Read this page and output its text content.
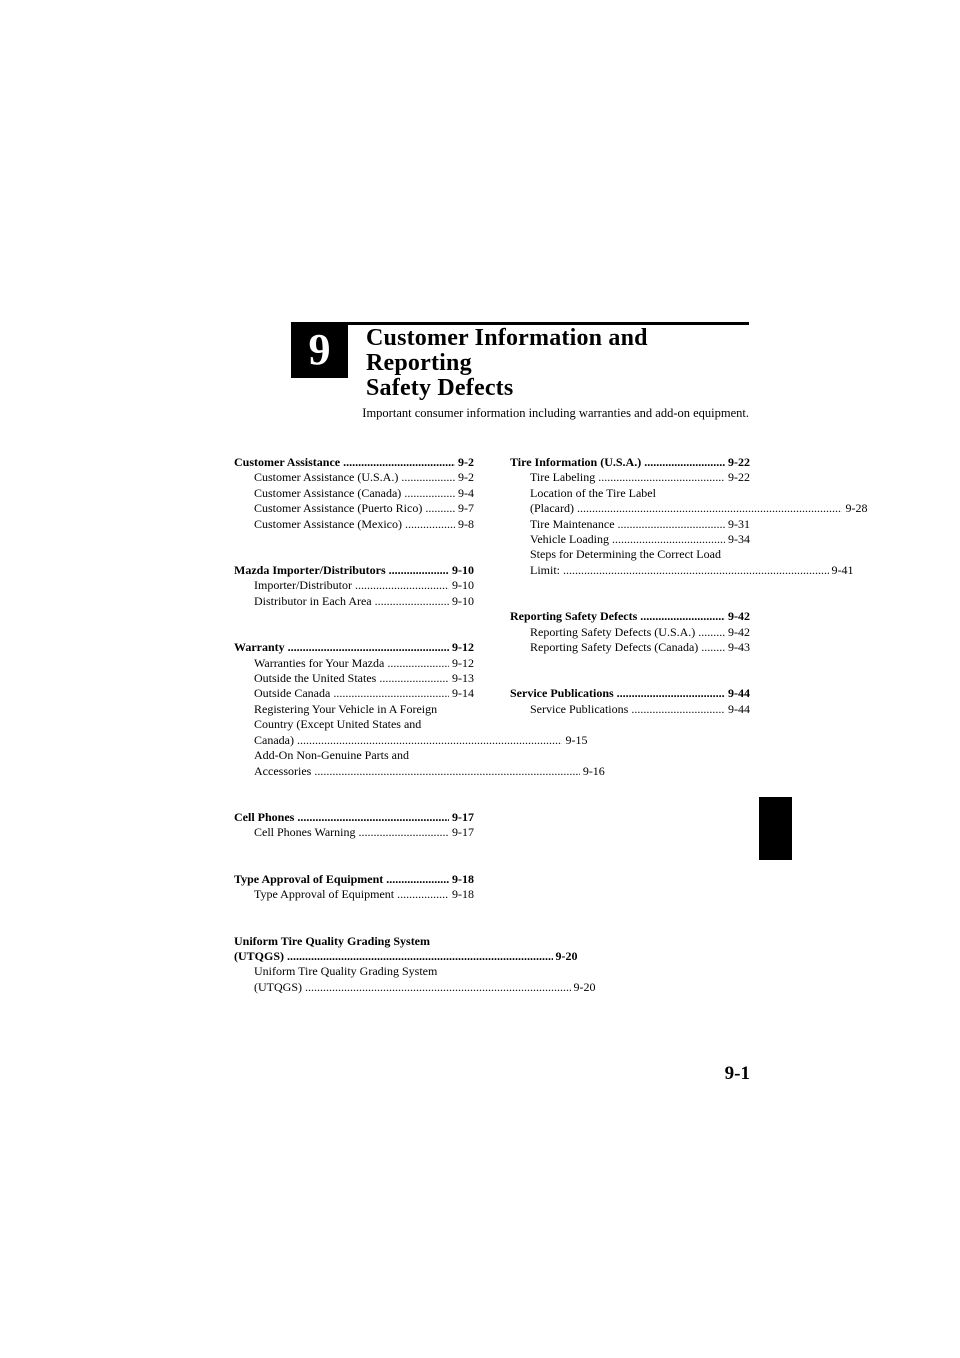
9 Customer Information and Reporting
Safety Defects
Important consumer information including warranties and add-on equipment.
Customer Assistance . . .	9-2
Customer Assistance (U.S.A.) . . .	9-2
Customer Assistance (Canada) . . .	9-4
Customer Assistance (Puerto Rico) . . .	9-7
Customer Assistance (Mexico) . . .	9-8
Mazda Importer/Distributors . . .	9-10
Importer/Distributor . . .	9-10
Distributor in Each Area . . .	9-10
Warranty . . .	9-12
Warranties for Your Mazda . . .	9-12
Outside the United States . . .	9-13
Outside Canada . . .	9-14
Registering Your Vehicle in A Foreign
Country (Except United States and
Canada) . . .	9-15
Add-On Non-Genuine Parts and
Accessories . . .	9-16
Cell Phones . . .	9-17
Cell Phones Warning . . .	9-17
Type Approval of Equipment . . .	9-18
Type Approval of Equipment . . .	9-18
Uniform Tire Quality Grading System
(UTQGS) . . .	9-20
Uniform Tire Quality Grading System
(UTQGS) . . .	9-20
Tire Information (U.S.A.) . . .	9-22
Tire Labeling . . .	9-22
Location of the Tire Label
(Placard) . . .	9-28
Tire Maintenance . . .	9-31
Vehicle Loading . . .	9-34
Steps for Determining the Correct Load
Limit: . . .	9-41
Reporting Safety Defects . . .	9-42
Reporting Safety Defects (U.S.A.) . . .	9-42
Reporting Safety Defects (Canada) . . . 9-43
Service Publications . . .	9-44
Service Publications . . .	9-44
9-1
